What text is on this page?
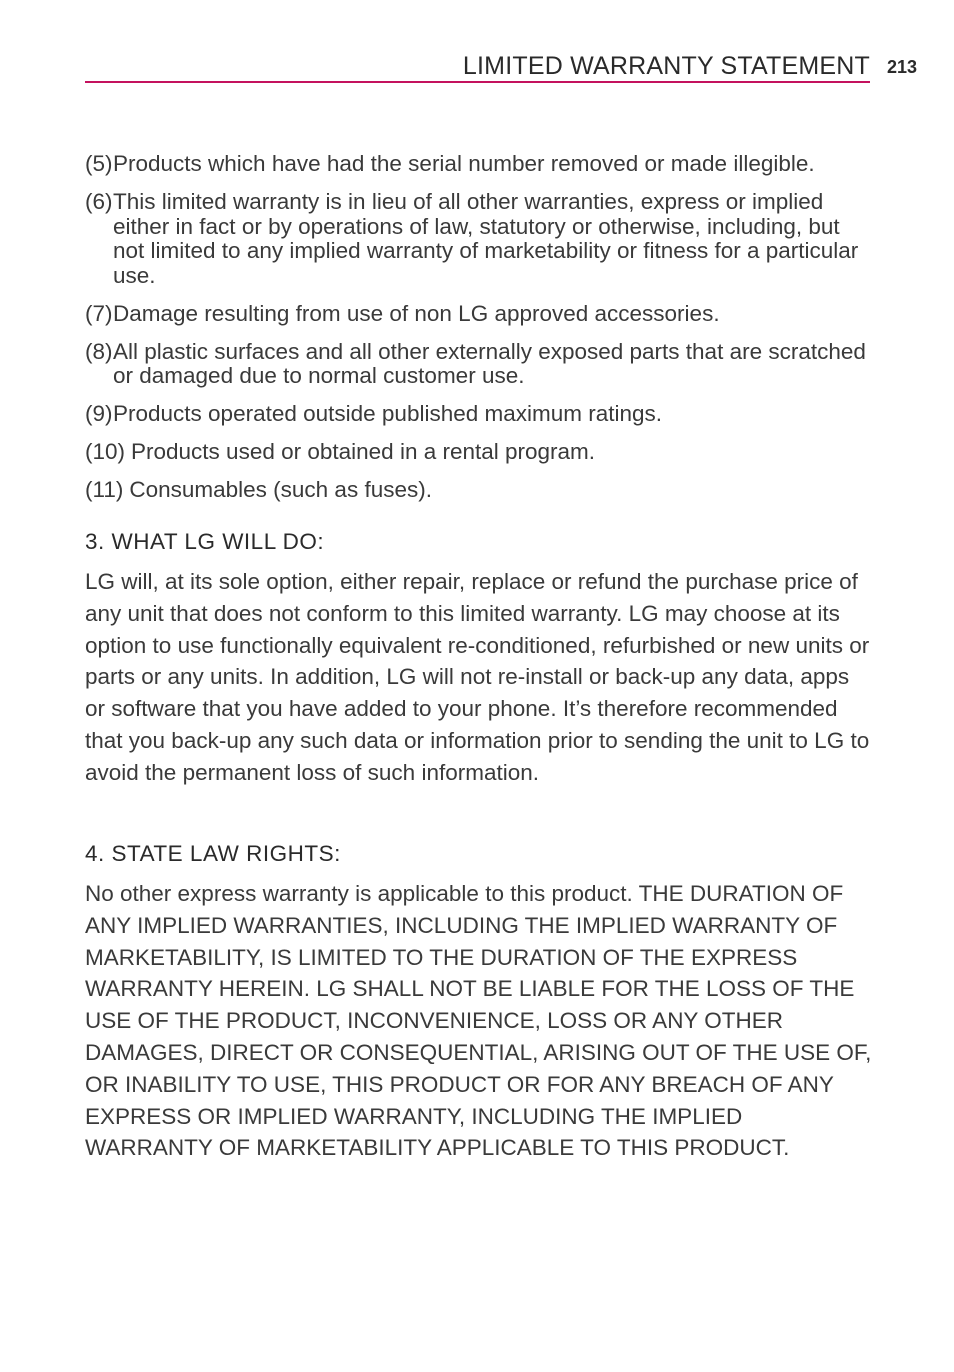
LIMITED WARRANTY STATEMENT 213
(5) Products which have had the serial number removed or made illegible.
(6) This limited warranty is in lieu of all other warranties, express or implied either in fact or by operations of law, statutory or otherwise, including, but not limited to any implied warranty of marketability or fitness for a particular use.
(7) Damage resulting from use of non LG approved accessories.
(8) All plastic surfaces and all other externally exposed parts that are scratched or damaged due to normal customer use.
(9) Products operated outside published maximum ratings.
(10) Products used or obtained in a rental program.
(11) Consumables (such as fuses).
3. WHAT LG WILL DO:

LG will, at its sole option, either repair, replace or refund the purchase price of any unit that does not conform to this limited warranty. LG may choose at its option to use functionally equivalent re-conditioned, refurbished or new units or parts or any units. In addition, LG will not re-install or back-up any data, apps or software that you have added to your phone. It’s therefore recommended that you back-up any such data or information prior to sending the unit to LG to avoid the permanent loss of such information.

4. STATE LAW RIGHTS:

No other express warranty is applicable to this product. THE DURATION OF ANY IMPLIED WARRANTIES, INCLUDING THE IMPLIED WARRANTY OF MARKETABILITY, IS LIMITED TO THE DURATION OF THE EXPRESS WARRANTY HEREIN. LG SHALL NOT BE LIABLE FOR THE LOSS OF THE USE OF THE PRODUCT, INCONVENIENCE, LOSS OR ANY OTHER DAMAGES, DIRECT OR CONSEQUENTIAL, ARISING OUT OF THE USE OF, OR INABILITY TO USE, THIS PRODUCT OR FOR ANY BREACH OF ANY EXPRESS OR IMPLIED WARRANTY, INCLUDING THE IMPLIED WARRANTY OF MARKETABILITY APPLICABLE TO THIS PRODUCT.
